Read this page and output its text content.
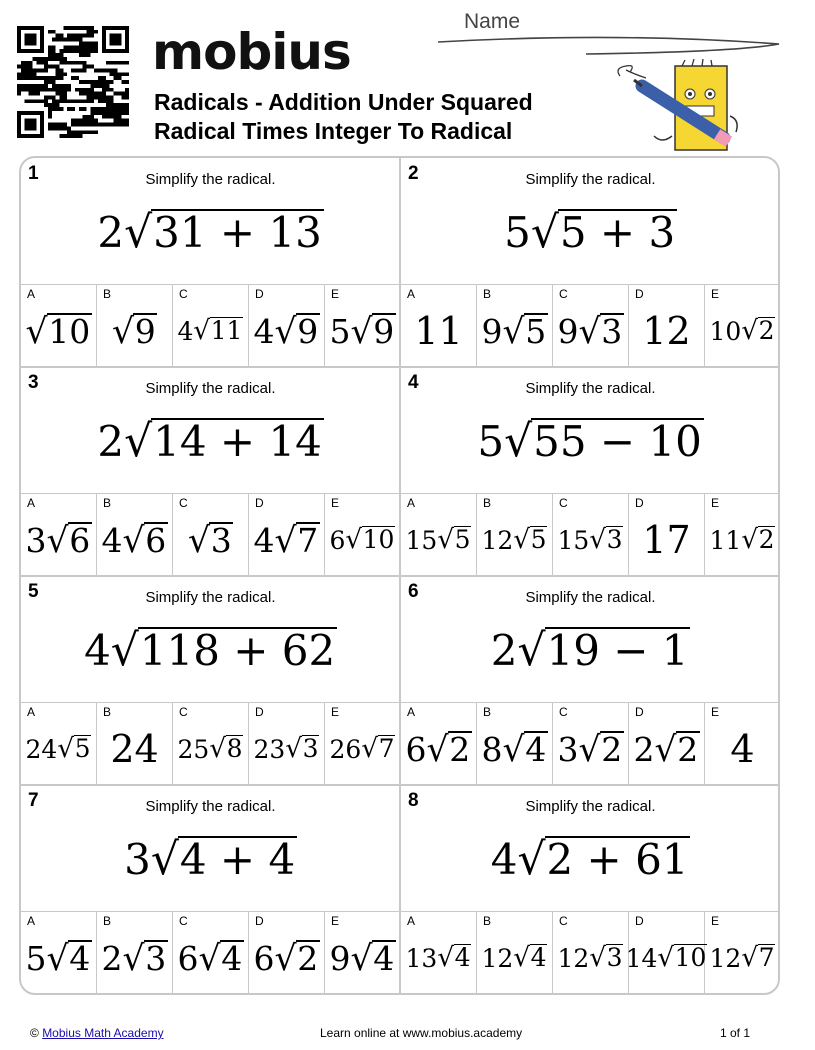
mobius
Radicals - Addition Under Squared
Radical Times Integer To Radical
Name
1	Simplify the radical.
2 √ 31 + 13
A
√ 10
B
√ 9
C
4 √ 11
D
4 √ 9
E
5 √ 9
2	Simplify the radical.
5 √ 5 + 3
A
11
B
9 √ 5
C
9 √ 3
D
12
E
10 √ 2
3	Simplify the radical.
2 √ 14 + 14
A
3 √ 6
B
4 √ 6
C
√ 3
D
4 √ 7
E
6 √ 10
4	Simplify the radical.
5 √ 55 − 10
A
15 √ 5
B
12 √ 5
C
15 √ 3
D
17
E
11 √ 2
5	Simplify the radical.
4 √ 118 + 62
A
24 √ 5
B
24
C
25 √ 8
D
23 √ 3
E
26 √ 7
6	Simplify the radical.
2 √ 19 − 1
A
6 √ 2
B
8 √ 4
C
3 √ 2
D
2 √ 2
E
4
7	Simplify the radical.
3 √ 4 + 4
A
5 √ 4
B
2 √ 3
C
6 √ 4
D
6 √ 2
E
9 √ 4
8	Simplify the radical.
4 √ 2 + 61
A
13 √ 4
B
12 √ 4
C
12 √ 3
D
14 √ 10
E
12 √ 7
© Mobius Math Academy	Learn online at www.mobius.academy	1 of 1
